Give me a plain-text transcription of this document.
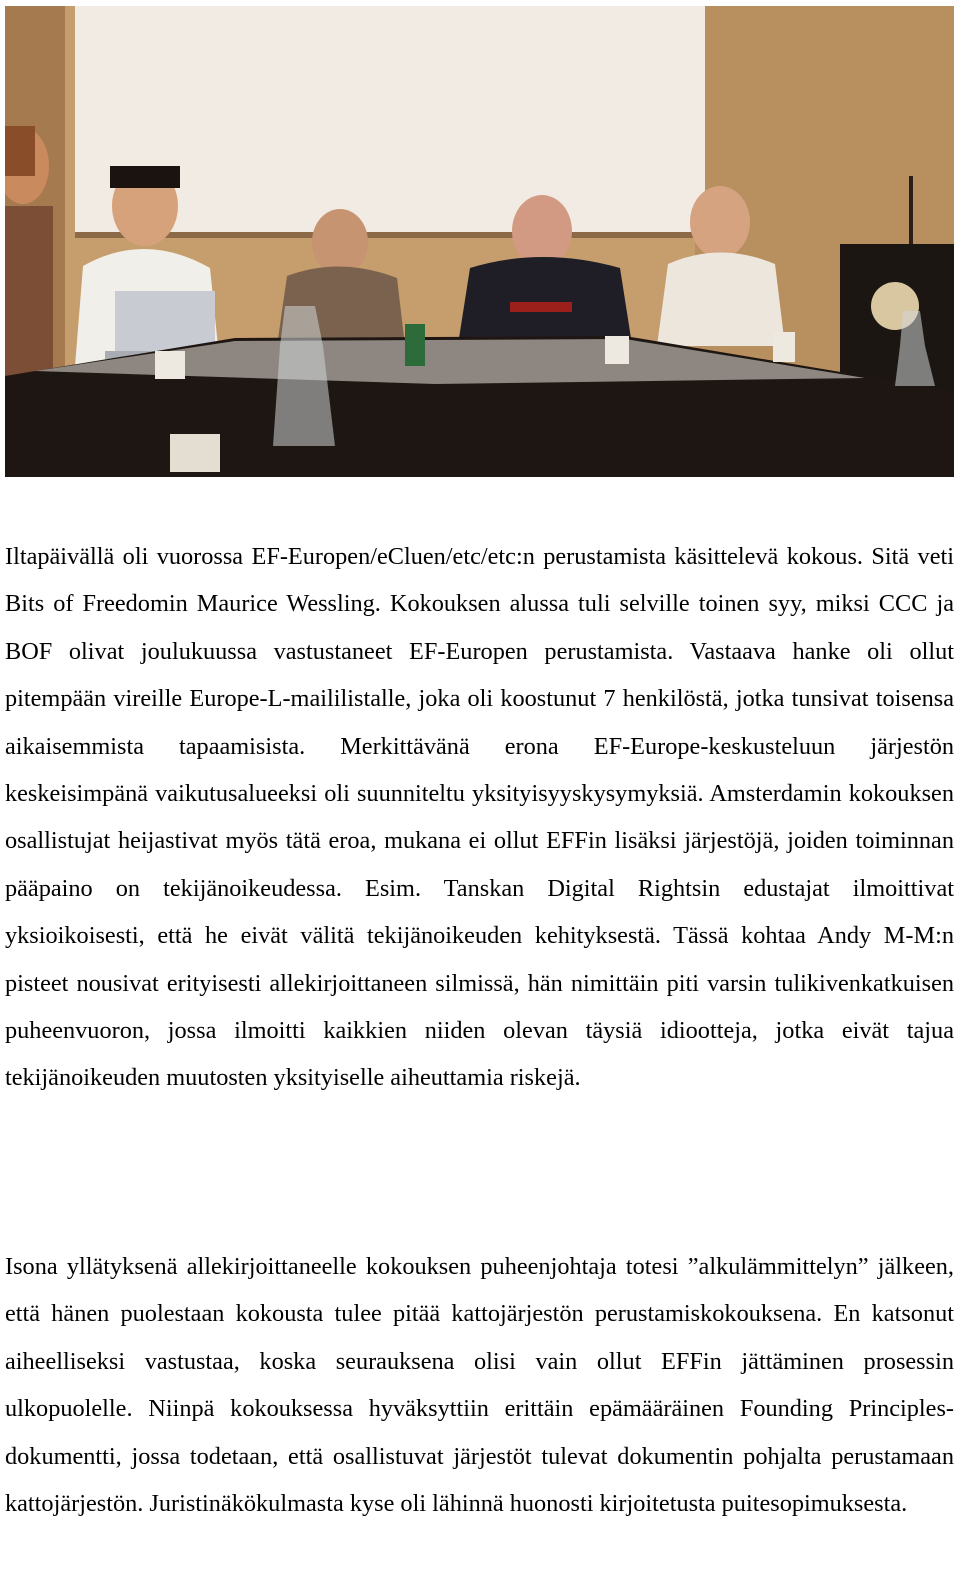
Iltapäivällä oli vuorossa EF-Europen/eCluen/etc/etc:n perustamista käsittelevä kokous. Sitä veti Bits of Freedomin Maurice Wessling. Kokouksen alussa tuli selville toinen syy, miksi CCC ja BOF olivat joulukuussa vastustaneet EF-Europen perustamista. Vastaava hanke oli ollut pitempään vireille Europe-L-maililistalle, joka oli koostunut 7 henkilöstä, jotka tunsivat toisensa aikaisemmista tapaamisista. Merkittävänä erona EF-Europe-keskusteluun järjestön keskeisimpänä vaikutusalueeksi oli suunniteltu yksityisyyskysymyksiä. Amsterdamin kokouksen osallistujat heijastivat myös tätä eroa, mukana ei ollut EFFin lisäksi järjestöjä, joiden toiminnan pääpaino on tekijänoikeudessa. Esim. Tanskan Digital Rightsin edustajat ilmoittivat yksioikoisesti, että he eivät välitä tekijänoikeuden kehityksestä. Tässä kohtaa Andy M-M:n pisteet nousivat erityisesti allekirjoittaneen silmissä, hän nimittäin piti varsin tulikivenkatkuisen puheenvuoron, jossa ilmoitti kaikkien niiden olevan täysiä idiootteja, jotka eivät tajua tekijänoikeuden muutosten yksityiselle aiheuttamia riskejä.

Isona yllätyksenä allekirjoittaneelle kokouksen puheenjohtaja totesi ”alkulämmittelyn” jälkeen, että hänen puolestaan kokousta tulee pitää kattojärjestön perustamiskokouksena. En katsonut aiheelliseksi vastustaa, koska seurauksena olisi vain ollut EFFin jättäminen prosessin ulkopuolelle. Niinpä kokouksessa hyväksyttiin erittäin epämääräinen Founding Principles-dokumentti, jossa todetaan, että osallistuvat järjestöt tulevat dokumentin pohjalta perustamaan kattojärjestön. Juristinäkökulmasta kyse oli lähinnä huonosti kirjoitetusta puitesopimuksesta.
